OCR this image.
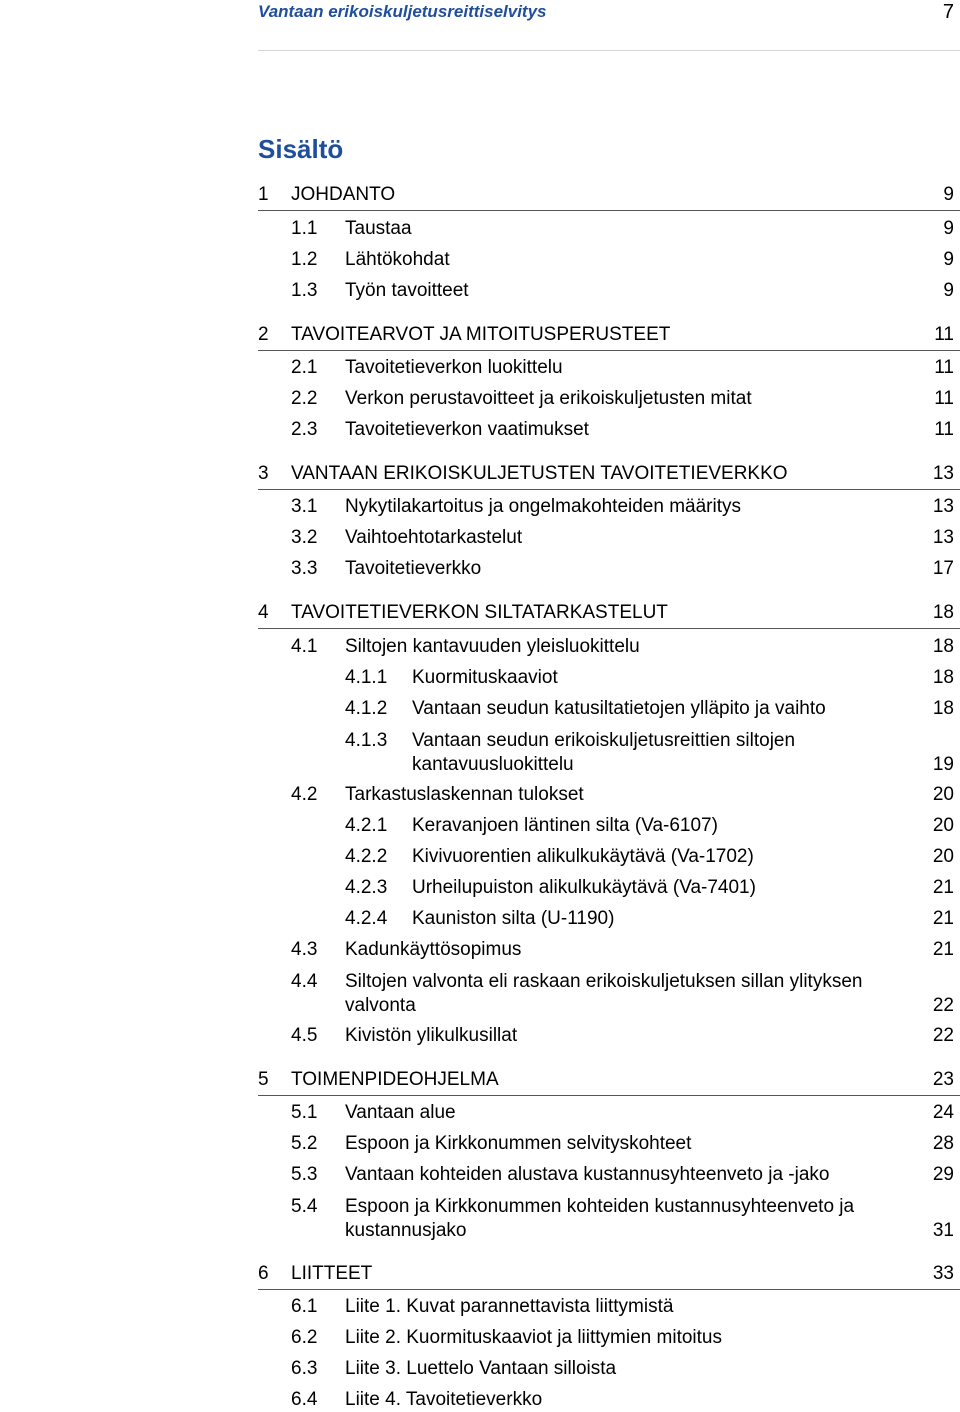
Vantaan erikoiskuljetusreittiselvitys	7
Sisältö
1 JOHDANTO	9
1.1 Taustaa	9
1.2 Lähtökohdat	9
1.3 Työn tavoitteet	9
2 TAVOITEARVOT JA MITOITUSPERUSTEET	11
2.1 Tavoitetieverkon luokittelu	11
2.2 Verkon perustavoitteet ja erikoiskuljetusten mitat	11
2.3 Tavoitetieverkon vaatimukset	11
3 VANTAAN ERIKOISKULJETUSTEN TAVOITETIEVERKKO	13
3.1 Nykytilakartoitus ja ongelmakohteiden määritys	13
3.2 Vaihtoehtotarkastelut	13
3.3 Tavoitetieverkko	17
4 TAVOITETIEVERKON SILTATARKASTELUT	18
4.1 Siltojen kantavuuden yleisluokittelu	18
4.1.1 Kuormituskaaviot	18
4.1.2 Vantaan seudun katusiltatietojen ylläpito ja vaihto	18
4.1.3 Vantaan seudun erikoiskuljetusreittien siltojen
kantavuusluokittelu	19
4.2 Tarkastuslaskennan tulokset	20
4.2.1 Keravanjoen läntinen silta (Va-6107)	20
4.2.2 Kivivuorentien alikulkukäytävä (Va-1702)	20
4.2.3 Urheilupuiston alikulkukäytävä (Va-7401)	21
4.2.4 Kauniston silta (U-1190)	21
4.3 Kadunkäyttösopimus	21
4.4 Siltojen valvonta eli raskaan erikoiskuljetuksen sillan ylityksen
valvonta	22
4.5 Kivistön ylikulkusillat	22
5 TOIMENPIDEOHJELMA	23
5.1 Vantaan alue	24
5.2 Espoon ja Kirkkonummen selvityskohteet	28
5.3 Vantaan kohteiden alustava kustannusyhteenveto ja -jako	29
5.4 Espoon ja Kirkkonummen kohteiden kustannusyhteenveto ja
kustannusjako	31
6 LIITTEET	33
6.1 Liite 1. Kuvat parannettavista liittymistä
6.2 Liite 2. Kuormituskaaviot ja liittymien mitoitus
6.3 Liite 3. Luettelo Vantaan silloista
6.4 Liite 4. Tavoitetieverkko
